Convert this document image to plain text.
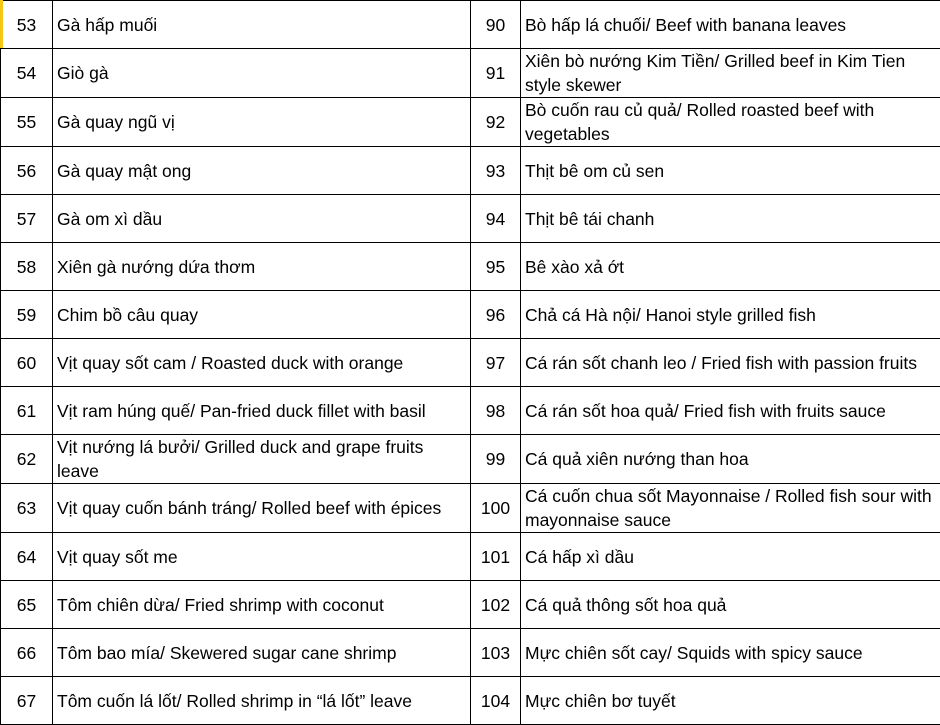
53	Gà hấp muối	90	Bò hấp lá chuối/ Beef with banana leaves
54	Giò gà	91	Xiên bò nướng Kim Tiền/ Grilled beef in Kim Tien style skewer
55	Gà quay ngũ vị	92	Bò cuốn rau củ quả/ Rolled roasted beef with vegetables
56	Gà quay mật ong	93	Thịt bê om củ sen
57	Gà om xì dầu	94	Thịt bê tái chanh
58	Xiên gà nướng dứa thơm	95	Bê xào xả ớt
59	Chim bồ câu quay	96	Chả cá Hà nội/ Hanoi style grilled fish
60	Vịt quay sốt cam / Roasted duck with orange	97	Cá rán sốt chanh leo / Fried fish with passion fruits
61	Vịt ram húng quế/ Pan-fried duck fillet with basil	98	Cá rán sốt hoa quả/ Fried fish with fruits sauce
62	Vịt nướng lá bưởi/ Grilled duck and grape fruits leave	99	Cá quả xiên nướng than hoa
63	Vịt quay cuốn bánh tráng/ Rolled beef with épices	100	Cá cuốn chua sốt Mayonnaise / Rolled fish sour with mayonnaise sauce
64	Vịt quay sốt me	101	Cá hấp xì dầu
65	Tôm chiên dừa/ Fried shrimp with coconut	102	Cá quả thông sốt hoa quả
66	Tôm bao mía/ Skewered sugar cane shrimp	103	Mực chiên sốt cay/ Squids with spicy sauce
67	Tôm cuốn lá lốt/ Rolled shrimp in “lá lốt” leave	104	Mực chiên bơ tuyết
